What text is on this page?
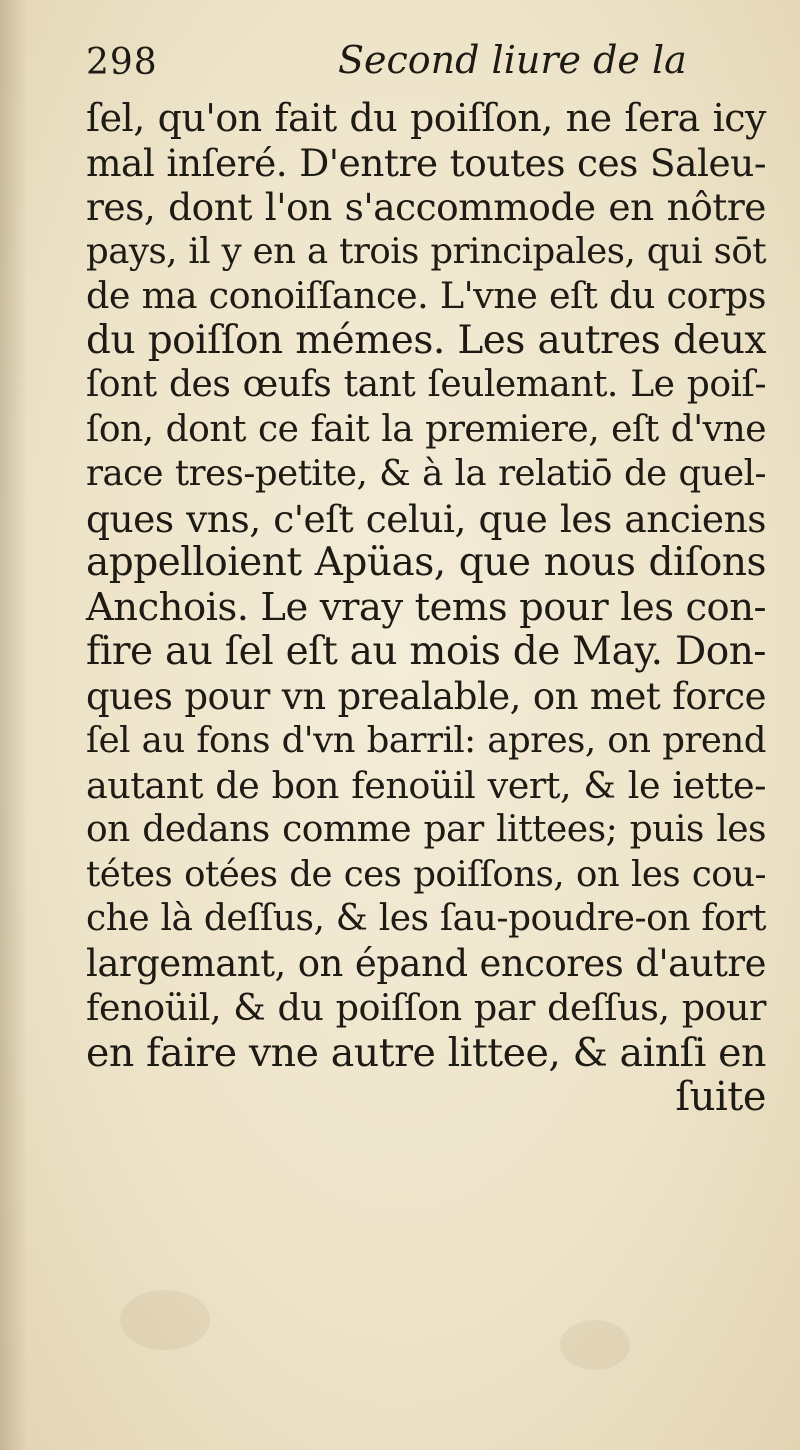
298	Second liure de la
ſel, qu'on fait du poiſſon, ne ſera icy
mal inſeré. D'entre toutes ces Saleu-
res, dont l'on s'accommode en nôtre
pays, il y en a trois principales, qui sōt
de ma conoiſſance. L'vne eſt du corps
du poiſſon mémes. Les autres deux
ſont des œufs tant ſeulemant. Le poiſ-
ſon, dont ce fait la premiere, eſt d'vne
race tres-petite, & à la relatiō de quel-
ques vns, c'eſt celui, que les anciens
appelloient Apüas, que nous diſons
Anchois. Le vray tems pour les con-
fire au ſel eſt au mois de May. Don-
ques pour vn prealable, on met force
ſel au fons d'vn barril: apres, on prend
autant de bon fenoüil vert, & le iette-
on dedans comme par littees; puis les
tétes otées de ces poiſſons, on les cou-
che là deſſus, & les ſau-poudre-on fort
largemant, on épand encores d'autre
fenoüil, & du poiſſon par deſſus, pour
en faire vne autre littee, & ainſi en
ſuite
